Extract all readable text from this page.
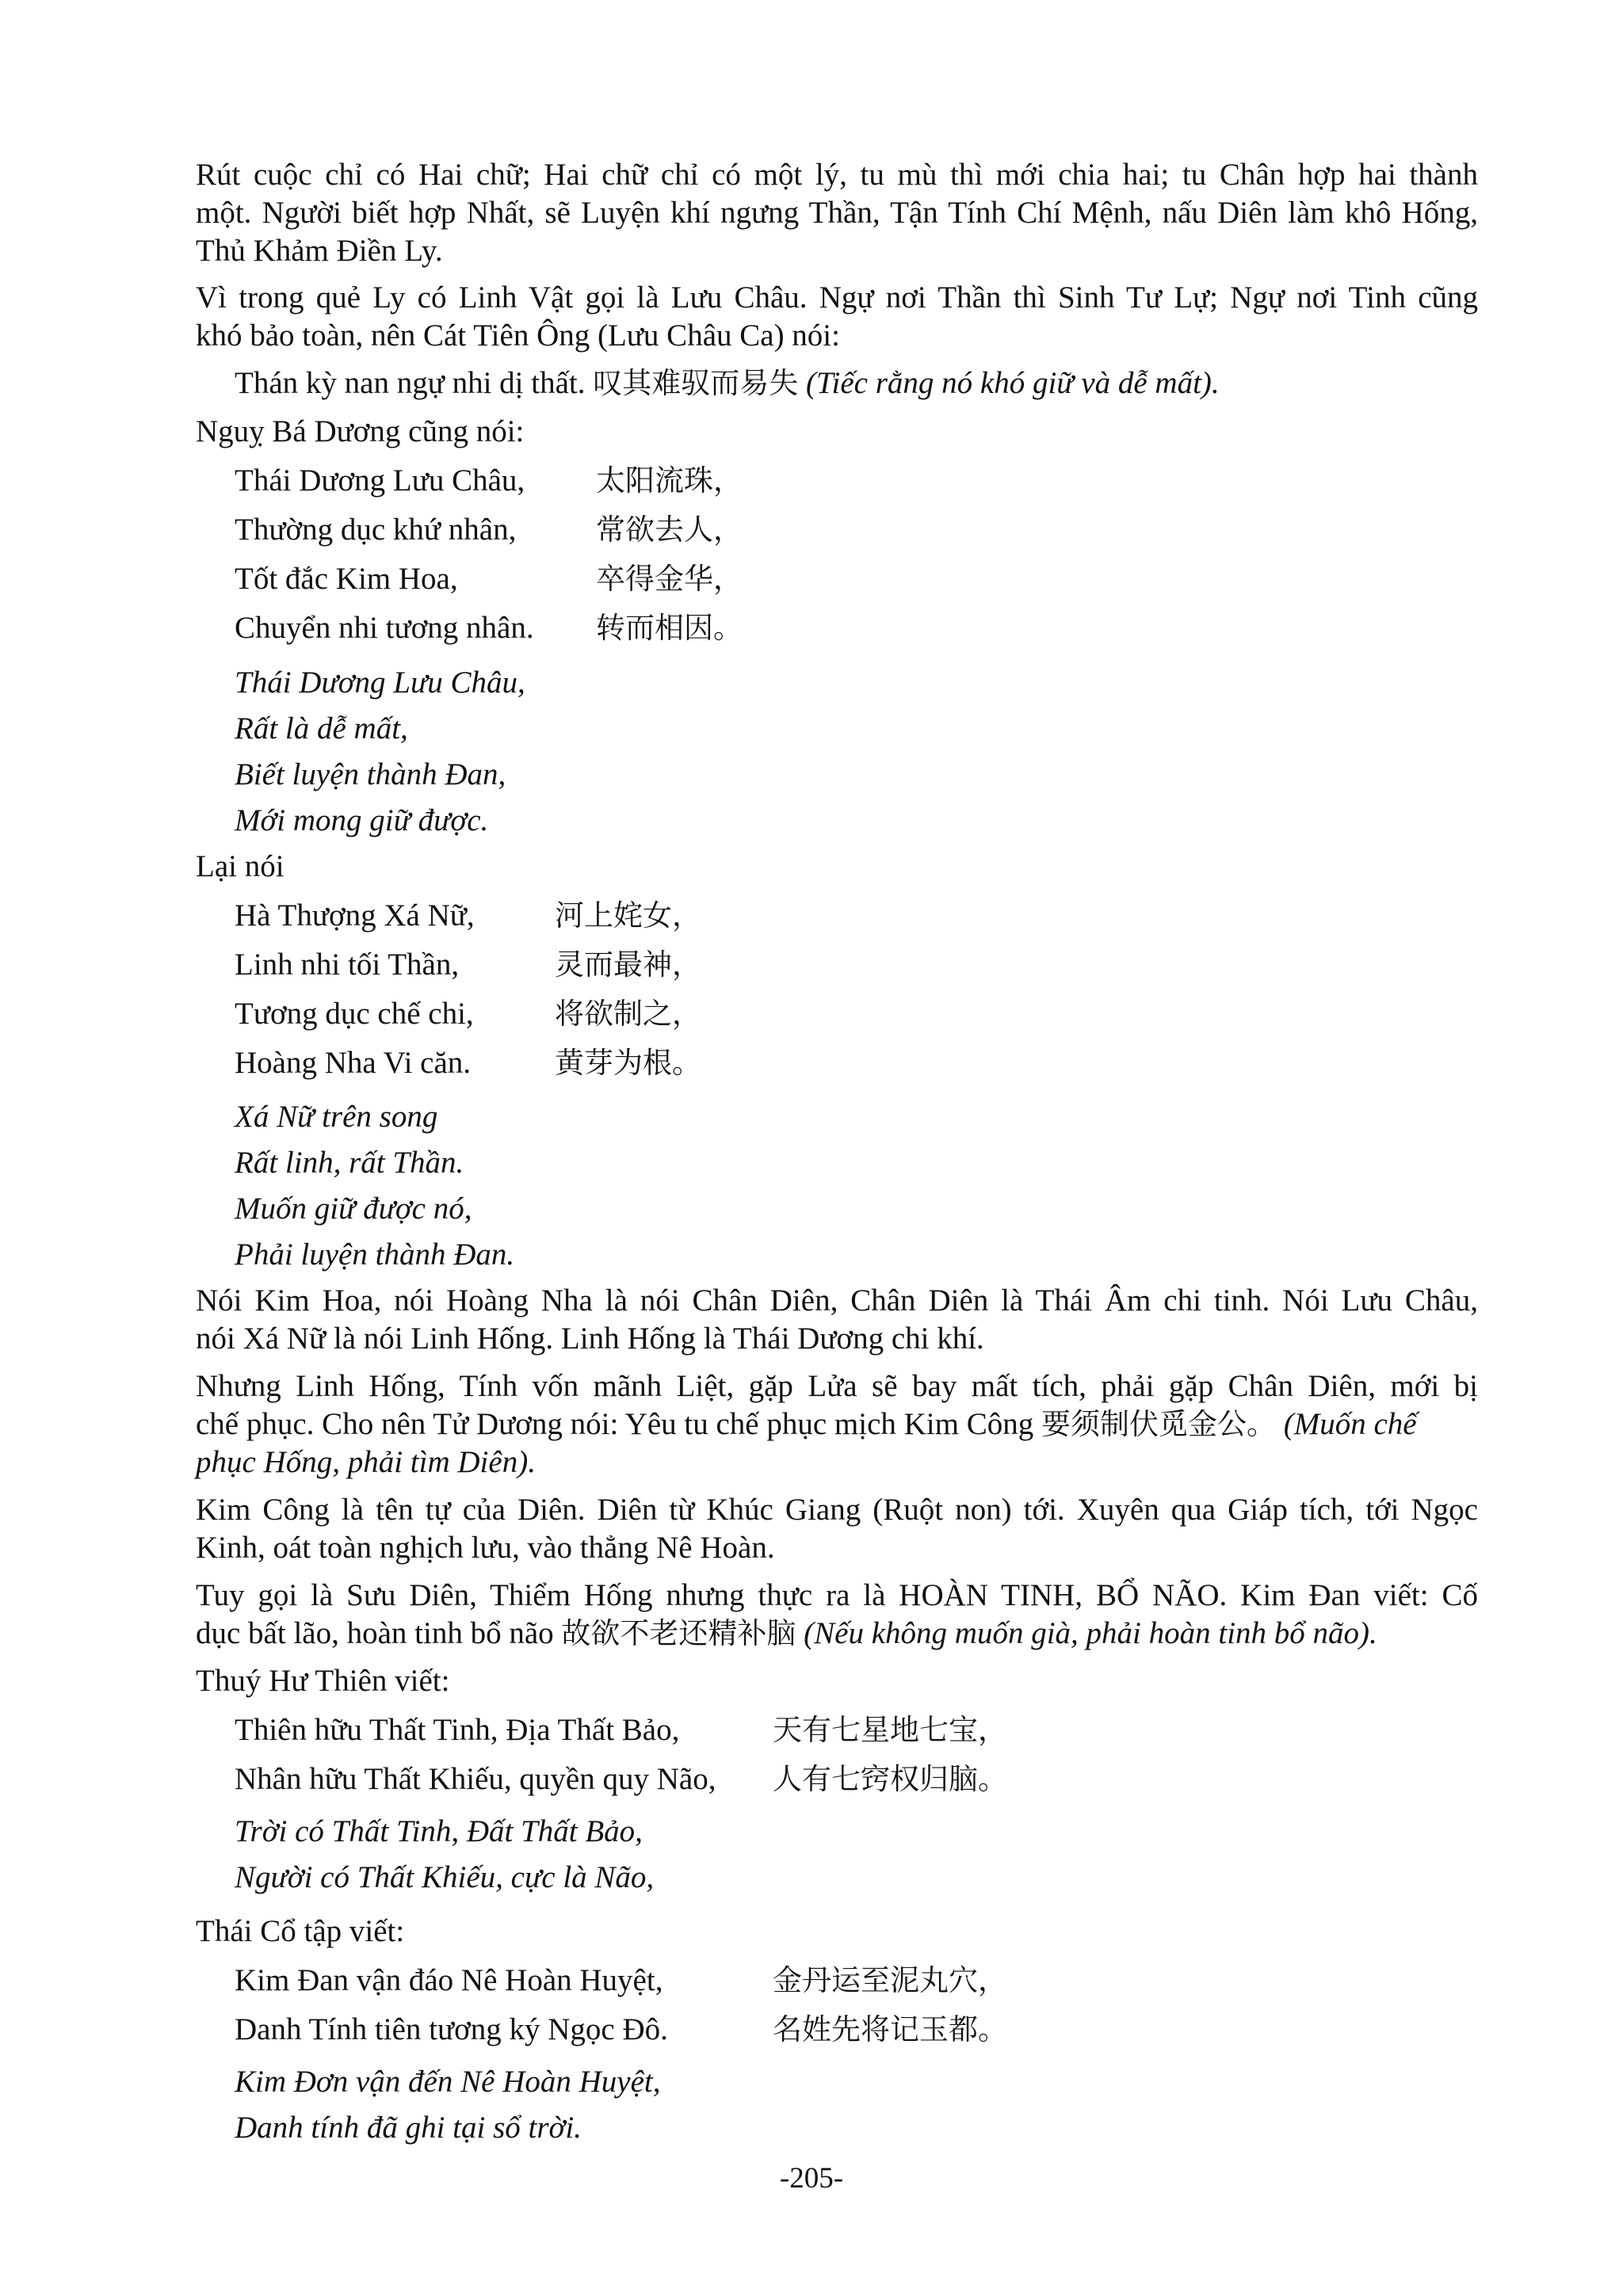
Rút cuộc chỉ có Hai chữ; Hai chữ chỉ có một lý, tu mù thì mới chia hai; tu Chân hợp hai thành
một. Người biết hợp Nhất, sẽ Luyện khí ngưng Thần, Tận Tính Chí Mệnh, nấu Diên làm khô Hống,
Thủ Khảm Điền Ly.
Vì trong quẻ Ly có Linh Vật gọi là Lưu Châu. Ngự nơi Thần thì Sinh Tư Lự; Ngự nơi Tinh cũng
khó bảo toàn, nên Cát Tiên Ông (Lưu Châu Ca) nói:
Thán kỳ nan ngự nhi dị thất. 叹其难驭而易失 (Tiếc rằng nó khó giữ và dễ mất).
Nguỵ Bá Dương cũng nói:
Thái Dương Lưu Châu, 太阳流珠，
Thường dục khứ nhân,	常欲去人，
Tốt đắc Kim Hoa,	卒得金华，
Chuyển nhi tương nhân. 转而相因。
Thái Dương Lưu Châu,
Rất là dễ mất,
Biết luyện thành Đan,
Mới mong giữ được.
Lại nói
Hà Thượng Xá Nữ,	河上姹女，
Linh nhi tối Thần,	灵而最神，
Tương dục chế chi,	将欲制之，
Hoàng Nha Vi căn.	黄芽为根。
Xá Nữ trên song
Rất linh, rất Thần.
Muốn giữ được nó,
Phải luyện thành Đan.
Nói Kim Hoa, nói Hoàng Nha là nói Chân Diên, Chân Diên là Thái Âm chi tinh. Nói Lưu Châu,
nói Xá Nữ là nói Linh Hống. Linh Hống là Thái Dương chi khí.
Nhưng Linh Hống, Tính vốn mãnh Liệt, gặp Lửa sẽ bay mất tích, phải gặp Chân Diên, mới bị
chế phục. Cho nên Tử Dương nói: Yêu tu chế phục mịch Kim Công 要须制伏觅金公。 (Muốn chế
phục Hống, phải tìm Diên).
Kim Công là tên tự của Diên. Diên từ Khúc Giang (Ruột non) tới. Xuyên qua Giáp tích, tới Ngọc
Kinh, oát toàn nghịch lưu, vào thẳng Nê Hoàn.
Tuy gọi là Sưu Diên, Thiểm Hống nhưng thực ra là HOÀN TINH, BỔ NÃO. Kim Đan viết: Cố
dục bất lão, hoàn tinh bổ não 故欲不老还精补脑 (Nếu không muốn già, phải hoàn tinh bổ não).
Thuý Hư Thiên viết:
Thiên hữu Thất Tinh, Địa Thất Bảo,	天有七星地七宝，
Nhân hữu Thất Khiếu, quyền quy Não, 人有七窍权归脑。
Trời có Thất Tinh, Đất Thất Bảo,
Người có Thất Khiếu, cực là Não,
Thái Cổ tập viết:
Kim Đan vận đáo Nê Hoàn Huyệt,	金丹运至泥丸穴，
Danh Tính tiên tương ký Ngọc Đô.	名姓先将记玉都。
Kim Đơn vận đến Nê Hoàn Huyệt,
Danh tính đã ghi tại sổ trời.
-205-
